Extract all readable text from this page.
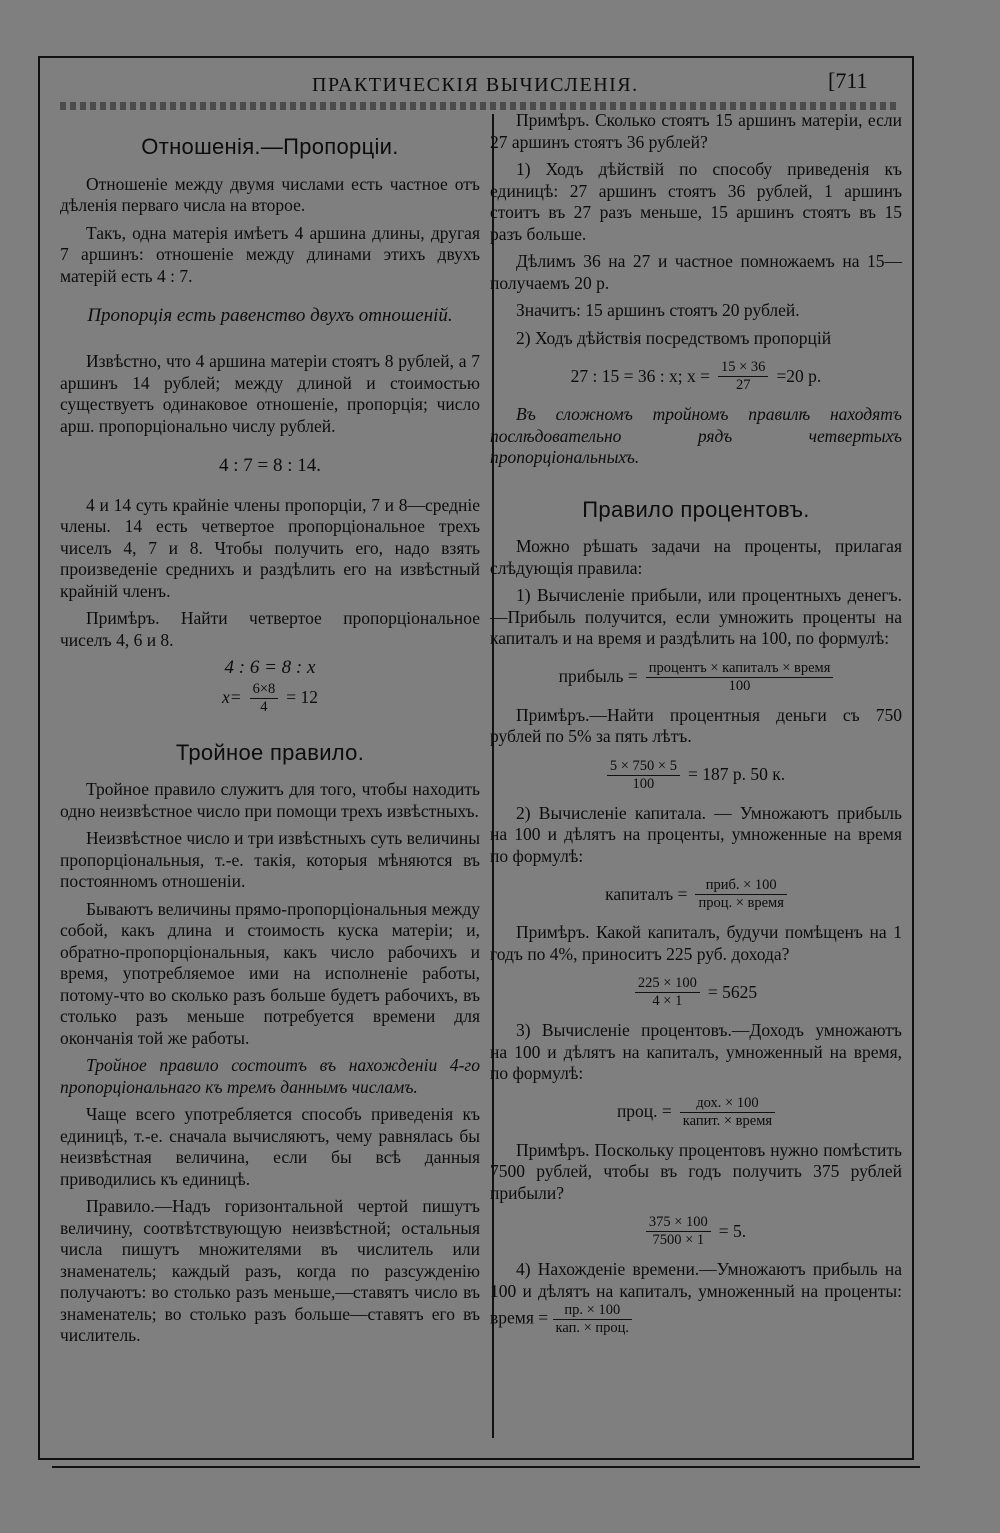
ПРАКТИЧЕСКІЯ ВЫЧИСЛЕНІЯ.	[711
Отношенія.—Пропорціи.

Отношеніе между двумя числами есть частное отъ дѣленія перваго числа на второе.

Такъ, одна матерія имѣетъ 4 аршина длины, другая 7 аршинъ: отношеніе между длинами этихъ двухъ матерій есть 4 : 7.

Пропорція есть равенство двухъ отношеній.

Извѣстно, что 4 аршина матеріи стоятъ 8 рублей, а 7 аршинъ 14 рублей; между длиной и стоимостью существуетъ одинаковое отношеніе, пропорція; число арш. пропорціонально числу рублей.

4 : 7 = 8 : 14.

4 и 14 суть крайніе члены пропорціи, 7 и 8—средніе члены. 14 есть четвертое пропорціональное трехъ чиселъ 4, 7 и 8. Чтобы получить его, надо взять произведеніе среднихъ и раздѣлить его на извѣстный крайній членъ.

Примѣръ. Найти четвертое пропорціональное чиселъ 4, 6 и 8.

4 : 6 = 8 : x

$x= \frac{6\times 8}{4} = 12$
Тройное правило.

Тройное правило служитъ для того, чтобы находить одно неизвѣстное число при помощи трехъ извѣстныхъ.

Неизвѣстное число и три извѣстныхъ суть величины пропорціональныя, т.-е. такія, которыя мѣняются въ постоянномъ отношеніи.

Бываютъ величины прямо-пропорціональныя между собой, какъ длина и стоимость куска матеріи; и, обратно-пропорціональныя, какъ число рабочихъ и время, употребляемое ими на исполненіе работы, потому-что во сколько разъ больше будетъ рабочихъ, въ столько разъ меньше потребуется времени для окончанія той же работы.

Тройное правило состоитъ въ нахожденіи 4-го пропорціональнаго къ тремъ даннымъ числамъ.

Чаще всего употребляется способъ приведенія къ единицѣ, т.-е. сначала вычисляютъ, чему равнялась бы неизвѣстная величина, если бы всѣ данныя приводились къ единицѣ.

Правило.—Надъ горизонтальной чертой пишутъ величину, соотвѣтствующую неизвѣстной; остальныя числа пишутъ множителями въ числитель или знаменатель; каждый разъ, когда по разсужденію получаютъ: во столько разъ меньше,—ставятъ число въ знаменатель; во столько разъ больше—ставятъ его въ числитель.

Примѣръ. Сколько стоятъ 15 аршинъ матеріи, если 27 аршинъ стоятъ 36 рублей?

1) Ходъ дѣйствій по способу приведенія къ единицѣ: 27 аршинъ стоятъ 36 рублей, 1 аршинъ стоитъ въ 27 разъ меньше, 15 аршинъ стоятъ въ 15 разъ больше.

Дѣлимъ 36 на 27 и частное помножаемъ на 15—получаемъ 20 р.

Значитъ: 15 аршинъ стоятъ 20 рублей.

2) Ходъ дѣйствія посредствомъ пропорцій

27 : 15 = 36 : x; $x = \frac{15 \times 36}{27} =20$ р.

Въ сложномъ тройномъ правилѣ находятъ послѣдовательно рядъ четвертыхъ пропорціональныхъ.

Правило процентовъ.

Можно рѣшать задачи на проценты, прилагая слѣдующія правила:

1) Вычисленіе прибыли, или процентныхъ денегъ.—Прибыль получится, если умножить проценты на капиталъ и на время и раздѣлить на 100, по формулѣ:

прибыль = $\frac{\text{процентъ × капиталъ × время}}{100}$

Примѣръ.—Найти процентныя деньги съ 750 рублей по 5% за пять лѣтъ.

$\frac{5 \times 750 \times 5}{100} = 187$ р. 50 к.

2) Вычисленіе капитала. — Умножаютъ прибыль на 100 и дѣлятъ на проценты, умноженные на время по формулѣ:

капиталъ = $\frac{\text{приб. × 100}}{\text{проц. × время}}$

Примѣръ. Какой капиталъ, будучи помѣщенъ на 1 годъ по 4%, приноситъ 225 руб. дохода?

$\frac{225 \times 100}{4 \times 1} = 5625$

3) Вычисленіе процентовъ.—Доходъ умножаютъ на 100 и дѣлятъ на капиталъ, умноженный на время, по формулѣ:

проц. = $\frac{\text{дох. × 100}}{\text{капит. × время}}$

Примѣръ. Поскольку процентовъ нужно помѣстить 7500 рублей, чтобы въ годъ получить 375 рублей прибыли?

$\frac{375 \times 100}{7500 \times 1} = 5$.
4) Нахожденіе времени.—Умножаютъ прибыль на 100 и дѣлятъ на капиталъ, умноженный на проценты: время = $\frac{пр. \times 100}{\text{кап. × проц.}}$
